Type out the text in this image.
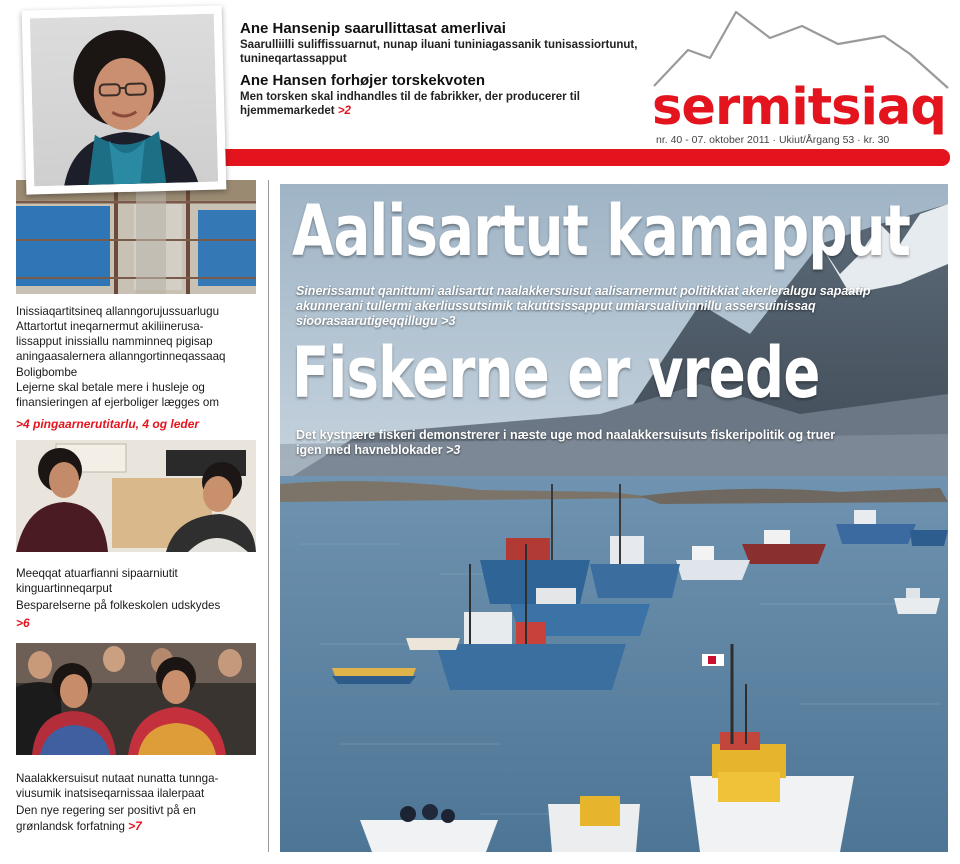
Ane Hansenip saarullittasat amerlivai
Saarulliilli suliffissuarnut, nunap iluani tuniniagassanik tunisassiortunut, tunineqartassapput
Ane Hansen forhøjer torskekvoten
Men torsken skal indhandles til de fabrikker, der producerer til hjemmemarkedet >2	sermitsiaq
nr. 40 - 07. oktober 2011 · Ukiut/Årgang 53 · kr. 30

Inissiaqartitsineq allanngorujussuarlugu

Attartortut ineqarnermut akiliinerusa-

lissapput inissiallu namminneq pigisap

aningaasalernera allanngortinneqassaaq

Boligbombe

Lejerne skal betale mere i husleje og

finansieringen af ejerboliger lægges om

>4 pingaarnerutitarlu, 4 og leder

Meeqqat atuarfianni sipaarniutit

kinguartinneqarput

Besparelserne på folkeskolen udskydes

>6

Naalakkersuisut nutaat nunatta tunnga-

viusumik inatsiseqarnissaa ilalerpaat

Den nye regering ser positivt på en

grønlandsk forfatning >7

Aalisartut kamapput
Sinerissamut qanittumi aalisartut naalakkersuisut aalisarnermut politikkiat akerleralugu sapaatip akunnerani tullermi akerliussutsimik takutitsissapput umiarsualivinnillu assersuinissaq sioorasaarutigeqqillugu >3
Fiskerne er vrede
Det kystnære fiskeri demonstrerer i næste uge mod naalakkersuisuts fiskeripolitik og truer igen med havneblokader >3
